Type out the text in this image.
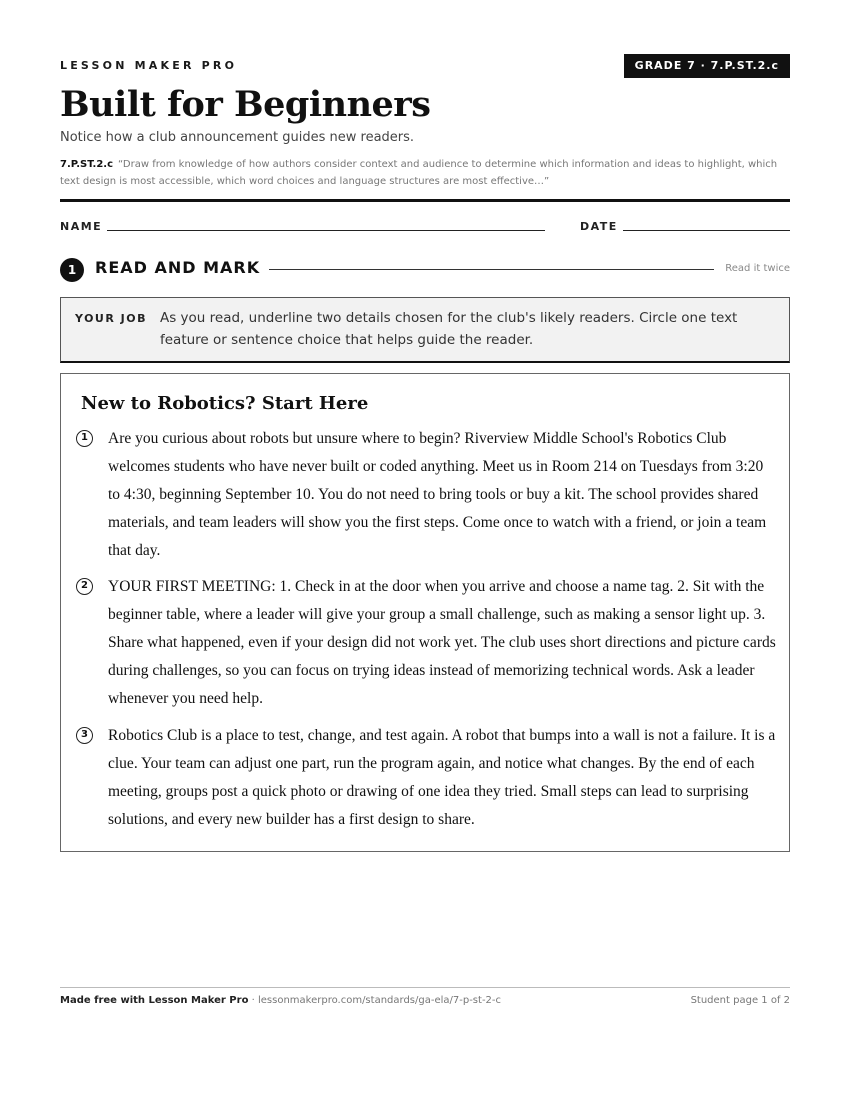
LESSON MAKER PRO	GRADE 7 · 7.P.ST.2.c
Built for Beginners
Notice how a club announcement guides new readers.
7.P.ST.2.c “Draw from knowledge of how authors consider context and audience to determine which information and ideas to highlight, which text design is most accessible, which word choices and language structures are most effective…”
NAME	DATE
1	READ AND MARK	Read it twice
YOUR JOB As you read, underline two details chosen for the club's likely readers. Circle one text feature or sentence choice that helps guide the reader.
New to Robotics? Start Here
1	Are you curious about robots but unsure where to begin? Riverview Middle School's Robotics Club welcomes students who have never built or coded anything. Meet us in Room 214 on Tuesdays from 3:20 to 4:30, beginning September 10. You do not need to bring tools or buy a kit. The school provides shared materials, and team leaders will show you the first steps. Come once to watch with a friend, or join a team that day.

2	YOUR FIRST MEETING: 1. Check in at the door when you arrive and choose a name tag. 2. Sit with the beginner table, where a leader will give your group a small challenge, such as making a sensor light up. 3. Share what happened, even if your design did not work yet. The club uses short directions and picture cards during challenges, so you can focus on trying ideas instead of memorizing technical words. Ask a leader whenever you need help.

3	Robotics Club is a place to test, change, and test again. A robot that bumps into a wall is not a failure. It is a clue. Your team can adjust one part, run the program again, and notice what changes. By the end of each meeting, groups post a quick photo or drawing of one idea they tried. Small steps can lead to surprising solutions, and every new builder has a first design to share.

Made free with Lesson Maker Pro · lessonmakerpro.com/standards/ga-ela/7-p-st-2-c	Student page 1 of 2
